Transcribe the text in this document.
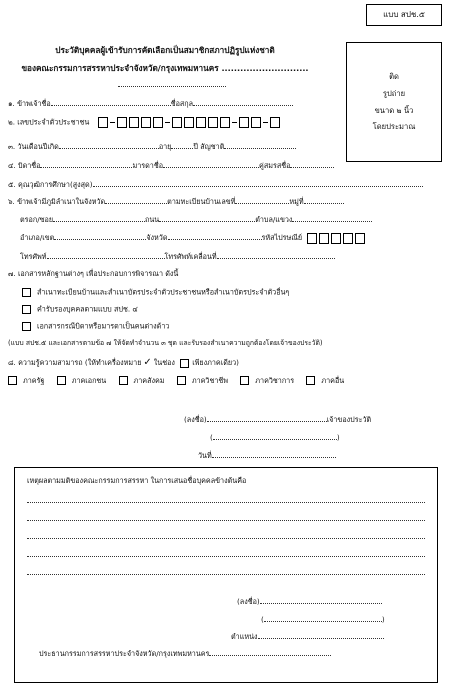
แบบ สปช.๕
ประวัติบุคคลผู้เข้ารับการคัดเลือกเป็นสมาชิกสภาปฏิรูปแห่งชาติ
ของคณะกรรมการสรรหาประจำจังหวัด/กรุงเทพมหานคร ............................
ติด
รูปถ่าย
ขนาด ๒ นิ้ว
โดยประมาณ
๑. ข้าพเจ้าชื่อ	ชื่อสกุล
๒. เลขประจำตัวประชาชน
๓. วันเดือนปีเกิด	อายุ	ปี สัญชาติ
๔. บิดาชื่อ	มารดาชื่อ	คู่สมรสชื่อ
๕. คุณวุฒิการศึกษา(สูงสุด)
๖. ข้าพเจ้ามีภูมิลำเนาในจังหวัด	ตามทะเบียนบ้านเลขที่	หมู่ที่
ตรอก/ซอย	ถนน	ตำบล/แขวง
อำเภอ/เขต	จังหวัด	รหัสไปรษณีย์
โทรศัพท์	โทรศัพท์เคลื่อนที่
๗. เอกสารหลักฐานต่างๆ เพื่อประกอบการพิจารณา ดังนี้
สำเนาทะเบียนบ้านและสำเนาบัตรประจำตัวประชาชนหรือสำเนาบัตรประจำตัวอื่นๆ
คำรับรองบุคคลตามแบบ สปช. ๔
เอกสารกรณีบิดาหรือมารดาเป็นคนต่างด้าว
(แบบ สปช.๕ และเอกสารตามข้อ ๗ ให้จัดทำจำนวน ๓ ชุด และรับรองสำเนาความถูกต้องโดยเจ้าของประวัติ)
๘. ความรู้ความสามารถ (ให้ทำเครื่องหมาย ✓ ในช่อง เพียงภาคเดียว)
ภาครัฐ	ภาคเอกชน	ภาคสังคม	ภาควิชาชีพ	ภาควิชาการ	ภาคอื่น
(ลงชื่อ)	เจ้าของประวัติ
(	)
วันที่
เหตุผลตามมติของคณะกรรมการสรรหา ในการเสนอชื่อบุคคลข้างต้นคือ
(ลงชื่อ)
(	)
ตำแหน่ง
ประธานกรรมการสรรหาประจำจังหวัด/กรุงเทพมหานคร
